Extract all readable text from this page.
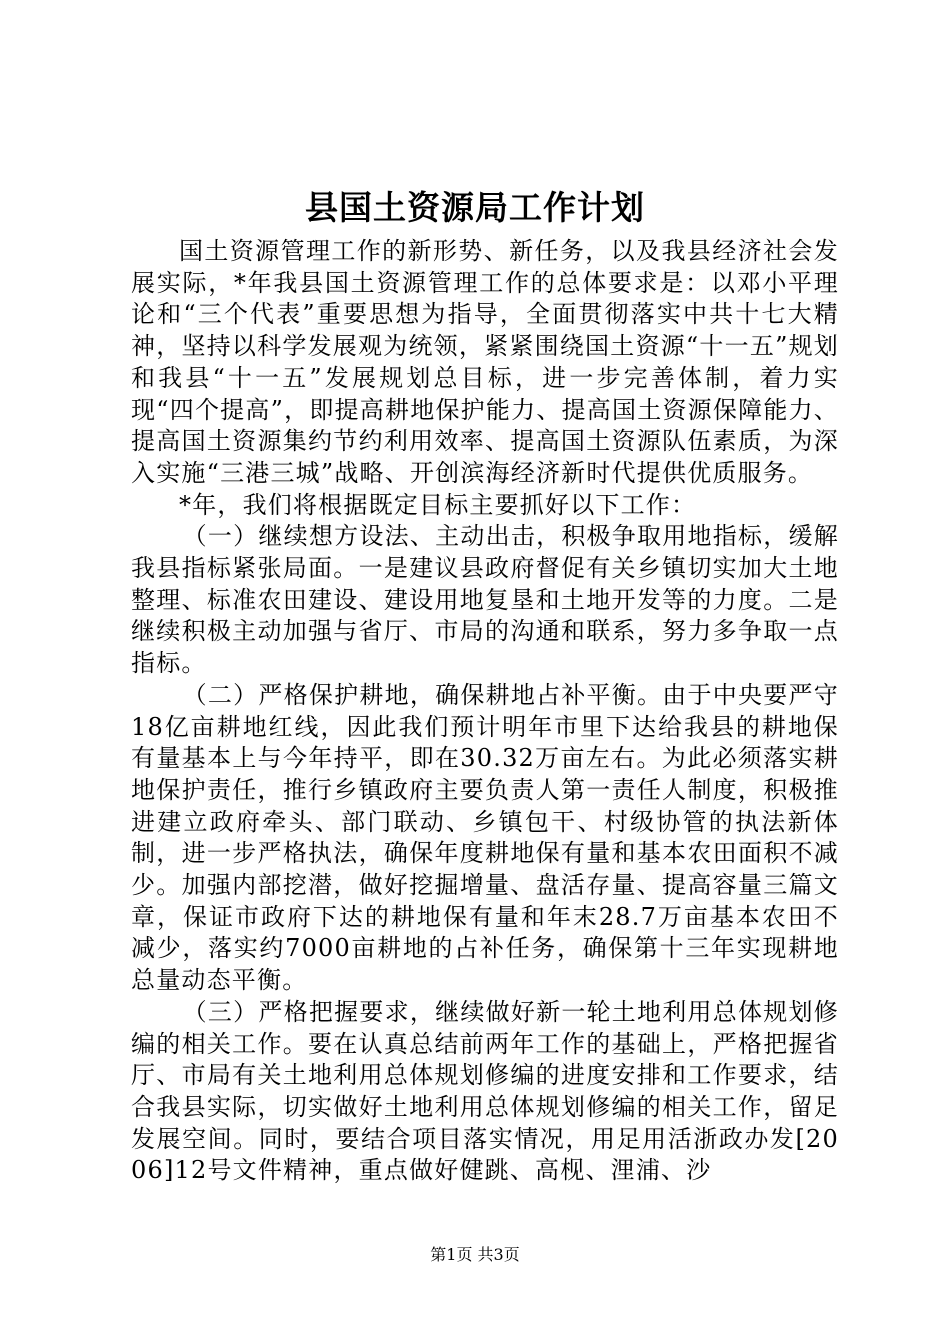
县国土资源局工作计划

国土资源管理工作的新形势、新任务，以及我县经济社会发展实际，*年我县国土资源管理工作的总体要求是：以邓小平理论和“三个代表”重要思想为指导，全面贯彻落实中共十七大精神，坚持以科学发展观为统领，紧紧围绕国土资源“十一五”规划和我县“十一五”发展规划总目标，进一步完善体制，着力实现“四个提高”，即提高耕地保护能力、提高国土资源保障能力、提高国土资源集约节约利用效率、提高国土资源队伍素质，为深入实施“三港三城”战略、开创滨海经济新时代提供优质服务。

*年，我们将根据既定目标主要抓好以下工作：

（一）继续想方设法、主动出击，积极争取用地指标，缓解我县指标紧张局面。一是建议县政府督促有关乡镇切实加大土地整理、标准农田建设、建设用地复垦和土地开发等的力度。二是继续积极主动加强与省厅、市局的沟通和联系，努力多争取一点指标。

（二）严格保护耕地，确保耕地占补平衡。由于中央要严守18亿亩耕地红线，因此我们预计明年市里下达给我县的耕地保有量基本上与今年持平，即在30.32万亩左右。为此必须落实耕地保护责任，推行乡镇政府主要负责人第一责任人制度，积极推进建立政府牵头、部门联动、乡镇包干、村级协管的执法新体制，进一步严格执法，确保年度耕地保有量和基本农田面积不减少。加强内部挖潜，做好挖掘增量、盘活存量、提高容量三篇文章，保证市政府下达的耕地保有量和年末28.7万亩基本农田不减少，落实约7000亩耕地的占补任务，确保第十三年实现耕地总量动态平衡。

（三）严格把握要求，继续做好新一轮土地利用总体规划修编的相关工作。要在认真总结前两年工作的基础上，严格把握省厅、市局有关土地利用总体规划修编的进度安排和工作要求，结合我县实际，切实做好土地利用总体规划修编的相关工作，留足发展空间。同时，要结合项目落实情况，用足用活浙政办发[2006]12号文件精神，重点做好健跳、高枧、浬浦、沙

第1页 共3页
